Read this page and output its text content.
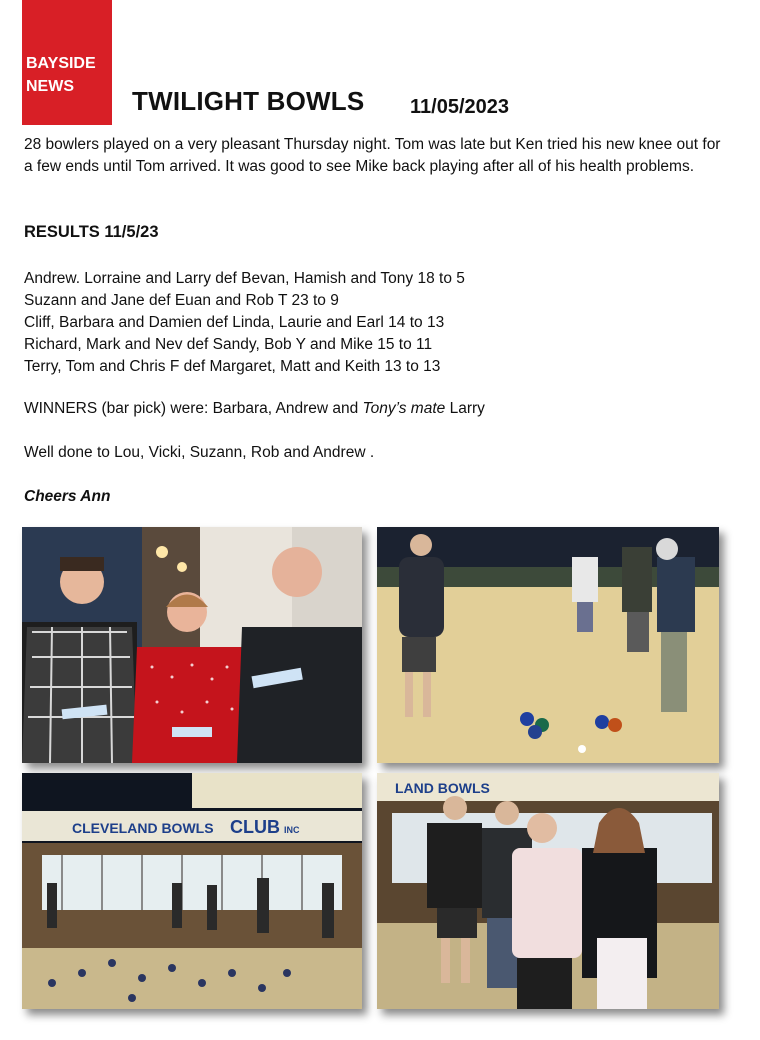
BAYSIDE
NEWS	TWILIGHT BOWLS 11/05/2023

28 bowlers played on a very pleasant Thursday night. Tom was late but Ken tried his new knee out for a few ends until Tom arrived. It was good to see Mike back playing after all of his health problems.

RESULTS 11/5/23

Andrew. Lorraine and Larry def Bevan, Hamish and Tony 18 to 5
Suzann and Jane def Euan and Rob T 23 to 9
Cliff, Barbara and Damien def Linda, Laurie and Earl 14 to 13
Richard, Mark and Nev def Sandy, Bob Y and Mike 15 to 11
Terry, Tom and Chris F def Margaret, Matt and Keith 13 to 13

WINNERS (bar pick) were: Barbara, Andrew and Tony’s mate Larry

Well done to Lou, Vicki, Suzann, Rob and Andrew .

Cheers Ann

CLEVELAND BOWLS CLUB INC
LAND BOWLS
